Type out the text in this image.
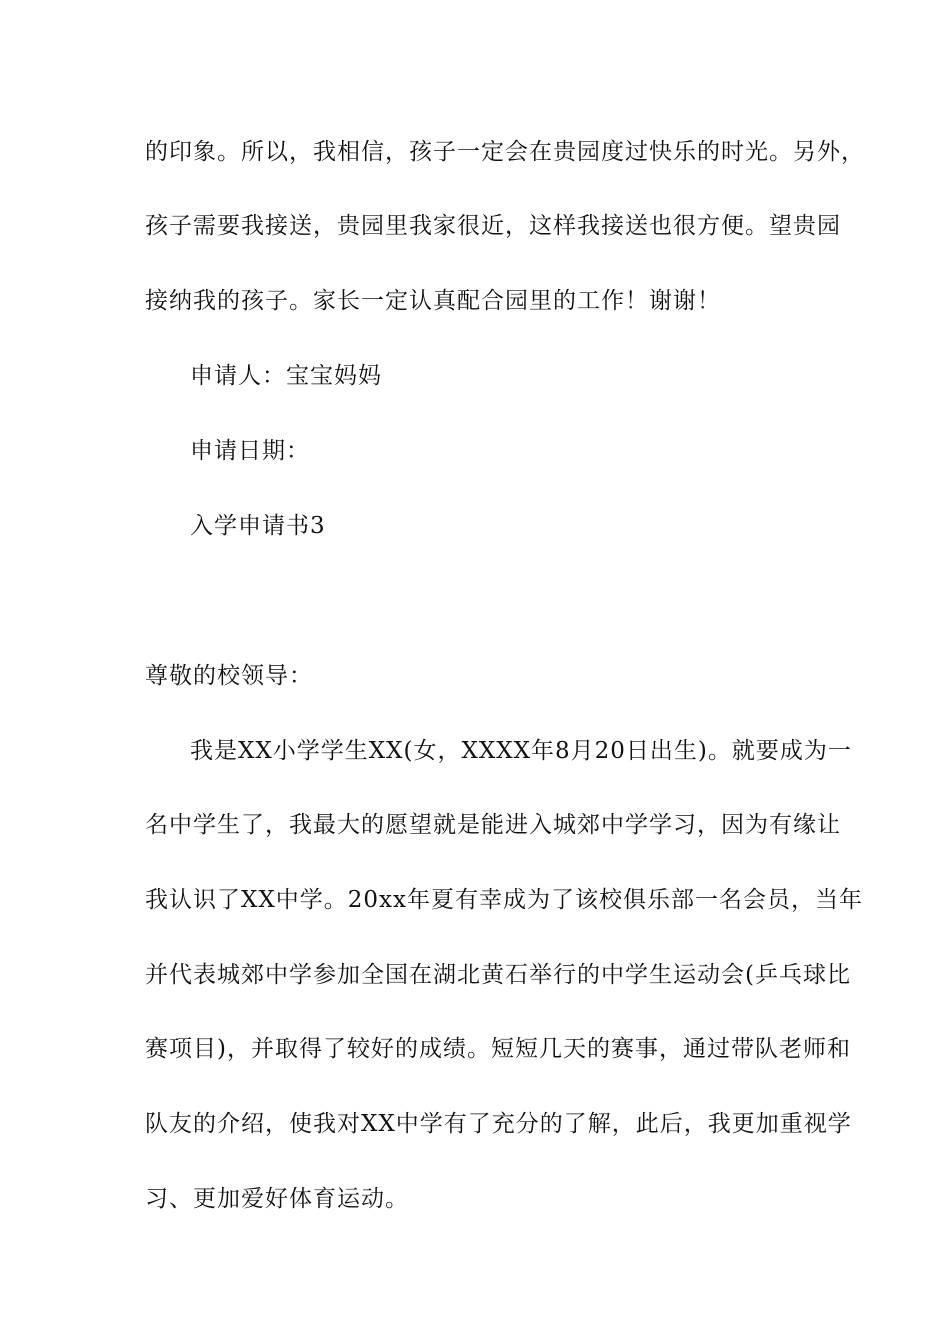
的印象。所以，我相信，孩子一定会在贵园度过快乐的时光。另外，

孩子需要我接送，贵园里我家很近，这样我接送也很方便。望贵园

接纳我的孩子。家长一定认真配合园里的工作！谢谢！

申请人：宝宝妈妈

申请日期：

入学申请书3

尊敬的校领导：

我是XX小学学生XX(女，XXXX年8月20日出生)。就要成为一

名中学生了，我最大的愿望就是能进入城郊中学学习，因为有缘让

我认识了XX中学。20xx年夏有幸成为了该校俱乐部一名会员，当年

并代表城郊中学参加全国在湖北黄石举行的中学生运动会(乒乓球比

赛项目)，并取得了较好的成绩。短短几天的赛事，通过带队老师和

队友的介绍，使我对XX中学有了充分的了解，此后，我更加重视学

习、更加爱好体育运动。
